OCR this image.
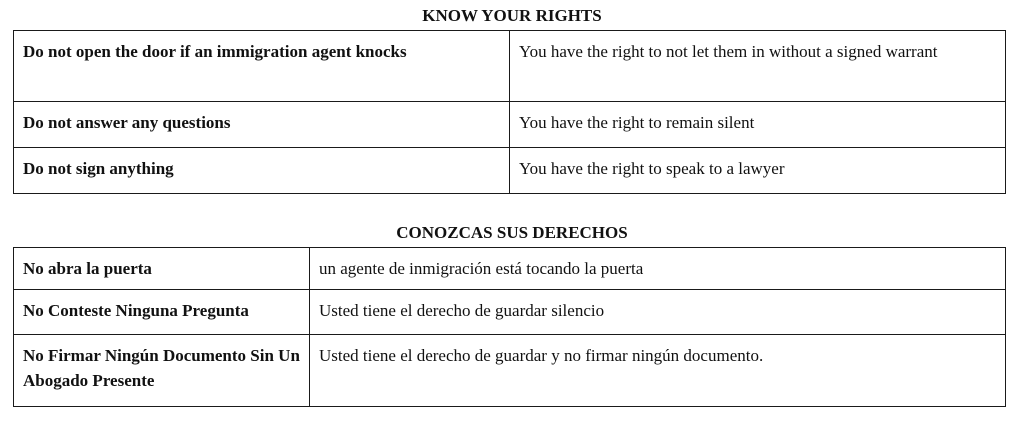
KNOW YOUR RIGHTS
Do not open the door if an immigration agent knocks	You have the right to not let them in without a signed warrant
Do not answer any questions	You have the right to remain silent
Do not sign anything	You have the right to speak to a lawyer
CONOZCAS SUS DERECHOS
No abra la puerta	un agente de inmigración está tocando la puerta
No Conteste Ninguna Pregunta	Usted tiene el derecho de guardar silencio
No Firmar Ningún Documento Sin Un Abogado Presente	Usted tiene el derecho de guardar y no firmar ningún documento.
